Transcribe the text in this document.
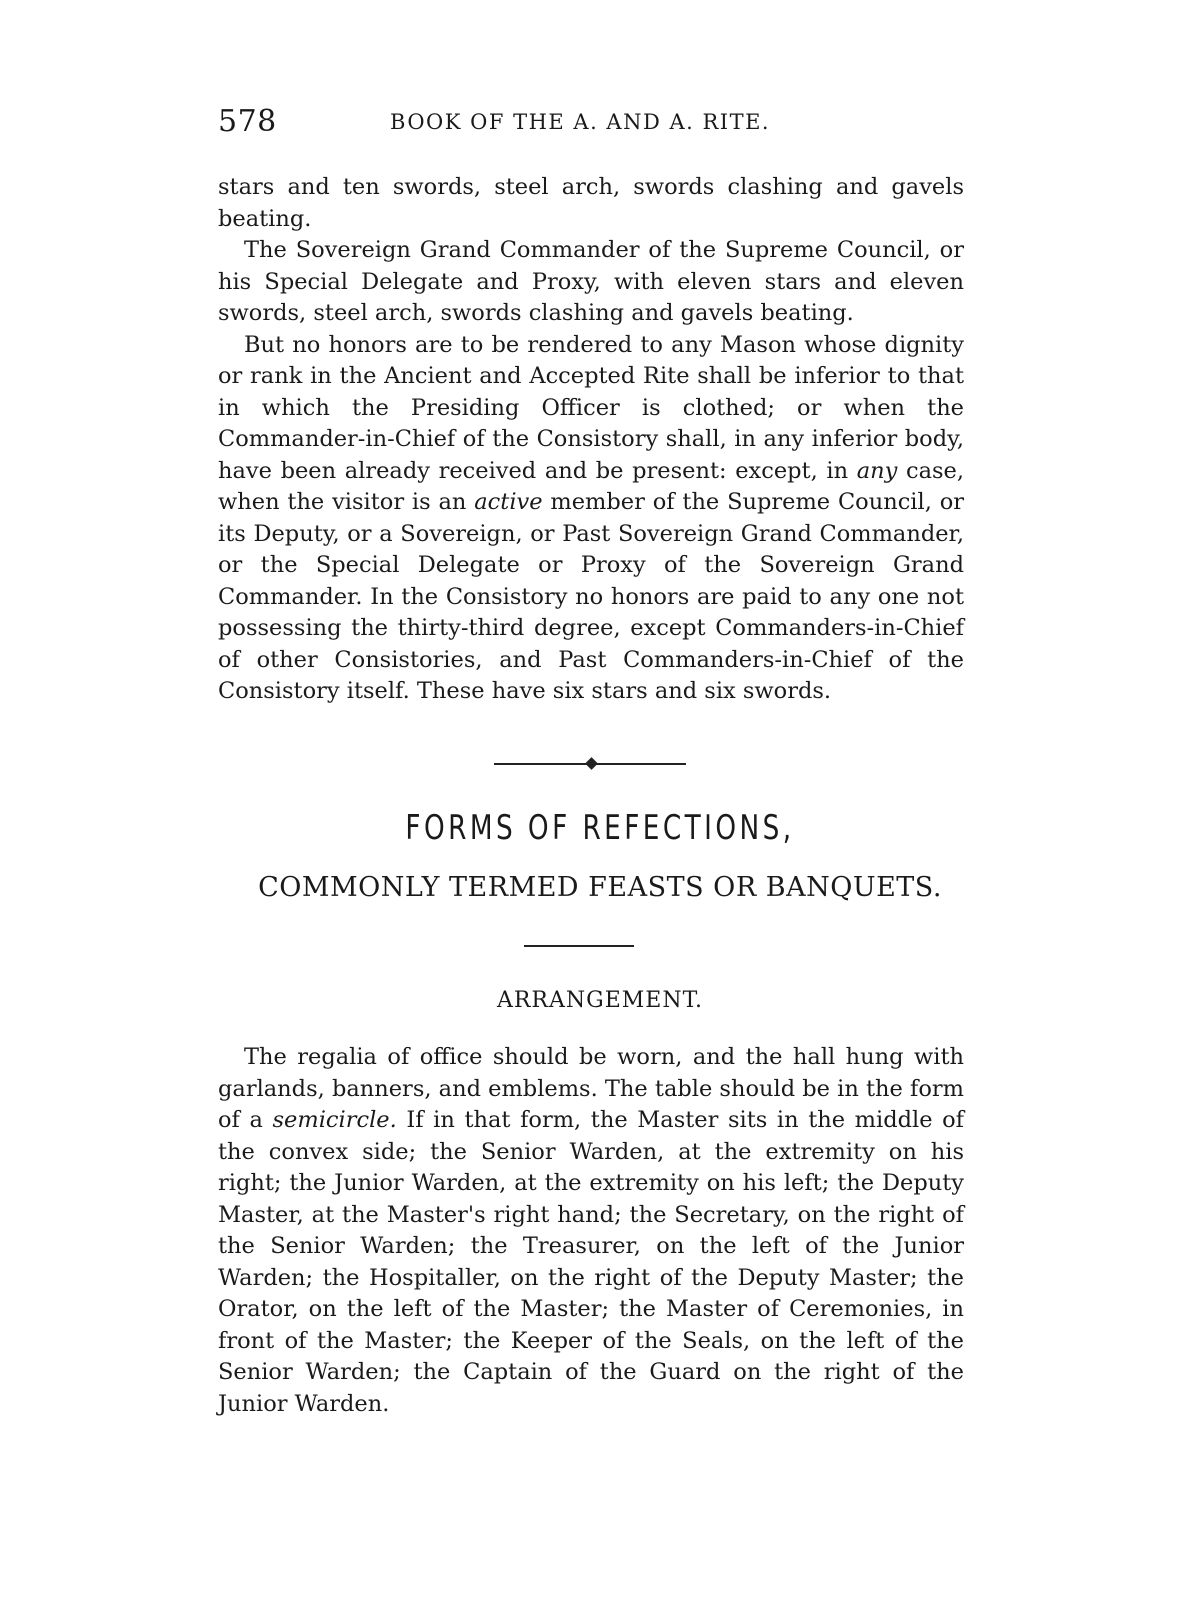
578	BOOK OF THE A. AND A. RITE.

stars and ten swords, steel arch, swords clashing and gavels beating.

The Sovereign Grand Commander of the Supreme Council, or his Special Delegate and Proxy, with eleven stars and eleven swords, steel arch, swords clashing and gavels beating.

But no honors are to be rendered to any Mason whose dignity or rank in the Ancient and Accepted Rite shall be inferior to that in which the Presiding Officer is clothed; or when the Commander-in-Chief of the Consistory shall, in any inferior body, have been already received and be present: except, in any case, when the visitor is an active member of the Supreme Council, or its Deputy, or a Sovereign, or Past Sovereign Grand Commander, or the Special Delegate or Proxy of the Sovereign Grand Commander. In the Consistory no honors are paid to any one not possessing the thirty-third degree, except Commanders-in-Chief of other Consistories, and Past Commanders-in-Chief of the Consistory itself. These have six stars and six swords.

FORMS OF REFECTIONS,
COMMONLY TERMED FEASTS OR BANQUETS.
ARRANGEMENT.

The regalia of office should be worn, and the hall hung with garlands, banners, and emblems. The table should be in the form of a semicircle. If in that form, the Master sits in the middle of the convex side; the Senior Warden, at the extremity on his right; the Junior Warden, at the extremity on his left; the Deputy Master, at the Master's right hand; the Secretary, on the right of the Senior Warden; the Treasurer, on the left of the Junior Warden; the Hospitaller, on the right of the Deputy Master; the Orator, on the left of the Master; the Master of Ceremonies, in front of the Master; the Keeper of the Seals, on the left of the Senior Warden; the Captain of the Guard on the right of the Junior Warden.
